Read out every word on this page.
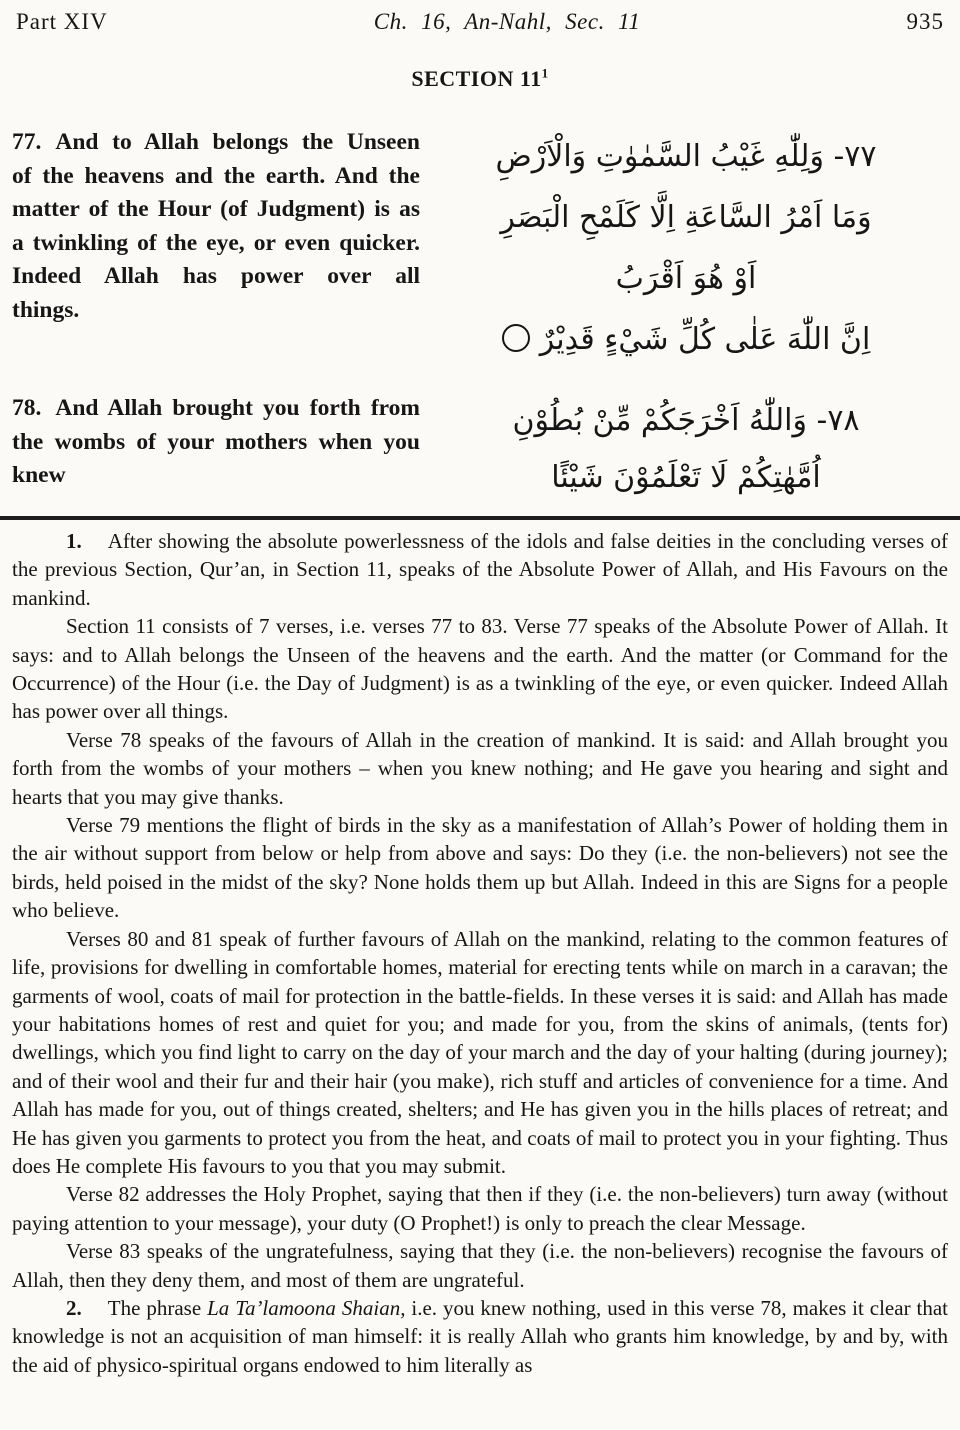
Part XIV	Ch. 16, An-Nahl, Sec. 11	935
SECTION $11^1$
77. And to Allah belongs the Unseen of the heavens and the earth. And the matter of the Hour (of Judgment) is as a twinkling of the eye, or even quicker. Indeed Allah has power over all things.
٧٧- وَلِلّٰهِ غَيْبُ السَّمٰوٰتِ وَالْاَرْضِ
وَمَا اَمْرُ السَّاعَةِ اِلَّا كَلَمْحِ الْبَصَرِ
اَوْ هُوَ اَقْرَبُ
اِنَّ اللّٰهَ عَلٰى كُلِّ شَيْءٍ قَدِيْرٌ
78. And Allah brought you forth from the wombs of your mothers when you knew
٧٨- وَاللّٰهُ اَخْرَجَكُمْ مِّنْ بُطُوْنِ
اُمَّهٰتِكُمْ لَا تَعْلَمُوْنَ شَيْئًا

1. After showing the absolute powerlessness of the idols and false deities in the concluding verses of the previous Section, Qur’an, in Section 11, speaks of the Absolute Power of Allah, and His Favours on the mankind.

Section 11 consists of 7 verses, i.e. verses 77 to 83. Verse 77 speaks of the Absolute Power of Allah. It says: and to Allah belongs the Unseen of the heavens and the earth. And the matter (or Command for the Occurrence) of the Hour (i.e. the Day of Judgment) is as a twinkling of the eye, or even quicker. Indeed Allah has power over all things.

Verse 78 speaks of the favours of Allah in the creation of mankind. It is said: and Allah brought you forth from the wombs of your mothers – when you knew nothing; and He gave you hearing and sight and hearts that you may give thanks.

Verse 79 mentions the flight of birds in the sky as a manifestation of Allah’s Power of holding them in the air without support from below or help from above and says: Do they (i.e. the non-believers) not see the birds, held poised in the midst of the sky? None holds them up but Allah. Indeed in this are Signs for a people who believe.

Verses 80 and 81 speak of further favours of Allah on the mankind, relating to the common features of life, provisions for dwelling in comfortable homes, material for erecting tents while on march in a caravan; the garments of wool, coats of mail for protection in the battle-fields. In these verses it is said: and Allah has made your habitations homes of rest and quiet for you; and made for you, from the skins of animals, (tents for) dwellings, which you find light to carry on the day of your march and the day of your halting (during journey); and of their wool and their fur and their hair (you make), rich stuff and articles of convenience for a time. And Allah has made for you, out of things created, shelters; and He has given you in the hills places of retreat; and He has given you garments to protect you from the heat, and coats of mail to protect you in your fighting. Thus does He complete His favours to you that you may submit.

Verse 82 addresses the Holy Prophet, saying that then if they (i.e. the non-believers) turn away (without paying attention to your message), your duty (O Prophet!) is only to preach the clear Message.

Verse 83 speaks of the ungratefulness, saying that they (i.e. the non-believers) recognise the favours of Allah, then they deny them, and most of them are ungrateful.

2. The phrase La Ta’lamoona Shaian, i.e. you knew nothing, used in this verse 78, makes it clear that knowledge is not an acquisition of man himself: it is really Allah who grants him knowledge, by and by, with the aid of physico-spiritual organs endowed to him literally as
